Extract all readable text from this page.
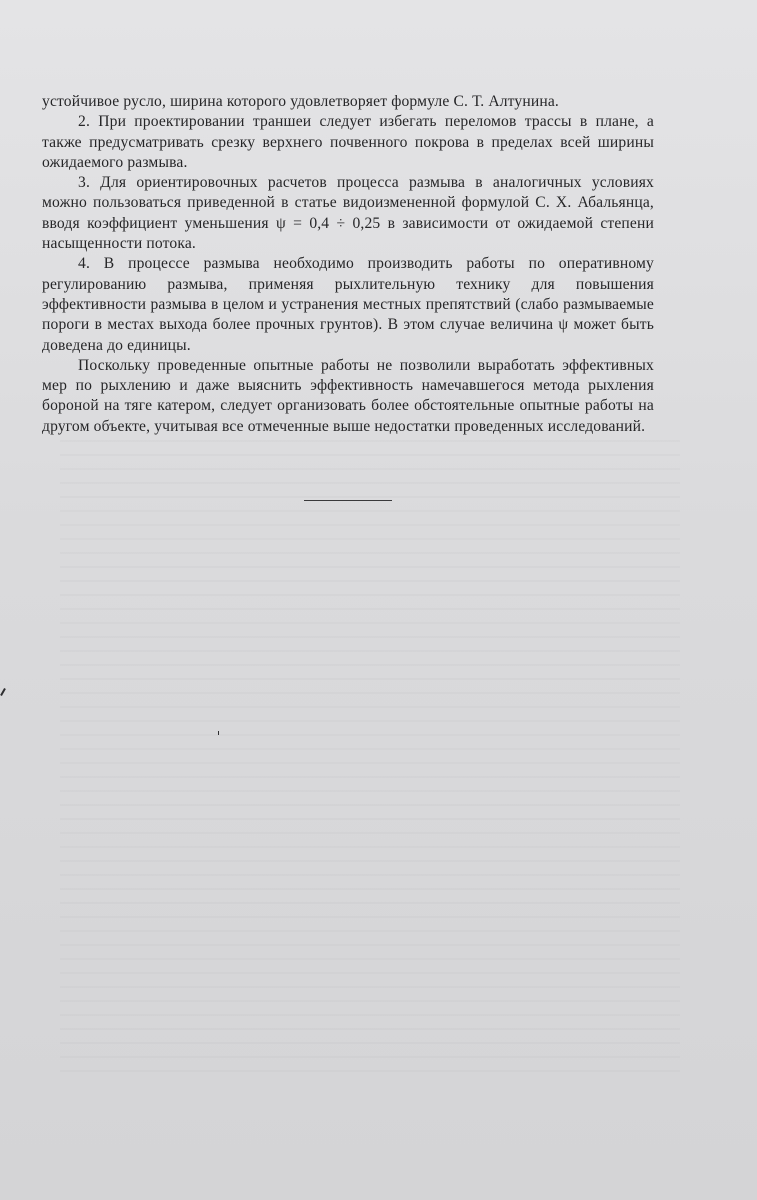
устойчивое русло, ширина которого удовлетворяет формуле С. Т. Алтунина.

2. При проектировании траншеи следует избегать переломов трассы в плане, а также предусматривать срезку верхнего почвенного покрова в пределах всей ширины ожидаемого размыва.

3. Для ориентировочных расчетов процесса размыва в аналогичных условиях можно пользоваться приведенной в статье видоизмененной формулой С. Х. Абальянца, вводя коэффициент уменьшения ψ = 0,4 ÷ 0,25 в зависимости от ожидаемой степени насыщенности потока.

4. В процессе размыва необходимо производить работы по оперативному регулированию размыва, применяя рыхлительную технику для повышения эффективности размыва в целом и устранения местных препятствий (слабо размываемые пороги в местах выхода более прочных грунтов). В этом случае величина ψ может быть доведена до единицы.

Поскольку проведенные опытные работы не позволили выработать эффективных мер по рыхлению и даже выяснить эффективность намечавшегося метода рыхления бороной на тяге катером, следует организовать более обстоятельные опытные работы на другом объекте, учитывая все отмеченные выше недостатки проведенных исследований.
